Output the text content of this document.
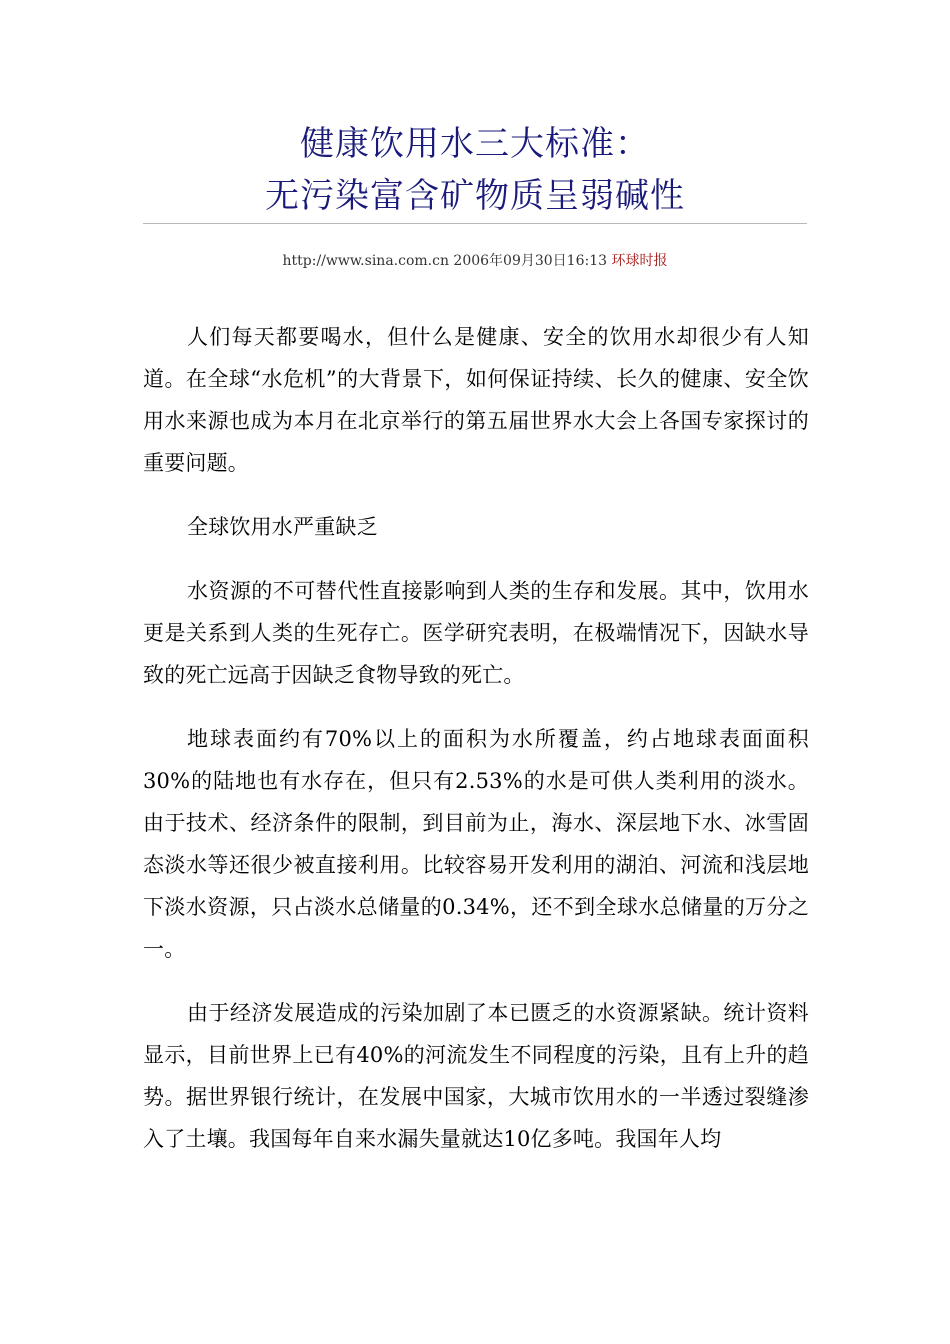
健康饮用水三大标准：
无污染富含矿物质呈弱碱性
http://www.sina.com.cn 2006年09月30日16:13 环球时报

人们每天都要喝水，但什么是健康、安全的饮用水却很少有人知道。在全球“水危机”的大背景下，如何保证持续、长久的健康、安全饮用水来源也成为本月在北京举行的第五届世界水大会上各国专家探讨的重要问题。

全球饮用水严重缺乏

水资源的不可替代性直接影响到人类的生存和发展。其中，饮用水更是关系到人类的生死存亡。医学研究表明，在极端情况下，因缺水导致的死亡远高于因缺乏食物导致的死亡。

地球表面约有70%以上的面积为水所覆盖，约占地球表面面积30%的陆地也有水存在，但只有2.53%的水是可供人类利用的淡水。由于技术、经济条件的限制，到目前为止，海水、深层地下水、冰雪固态淡水等还很少被直接利用。比较容易开发利用的湖泊、河流和浅层地下淡水资源，只占淡水总储量的0.34%，还不到全球水总储量的万分之一。

由于经济发展造成的污染加剧了本已匮乏的水资源紧缺。统计资料显示，目前世界上已有40%的河流发生不同程度的污染，且有上升的趋势。据世界银行统计，在发展中国家，大城市饮用水的一半透过裂缝渗入了土壤。我国每年自来水漏失量就达10亿多吨。我国年人均
